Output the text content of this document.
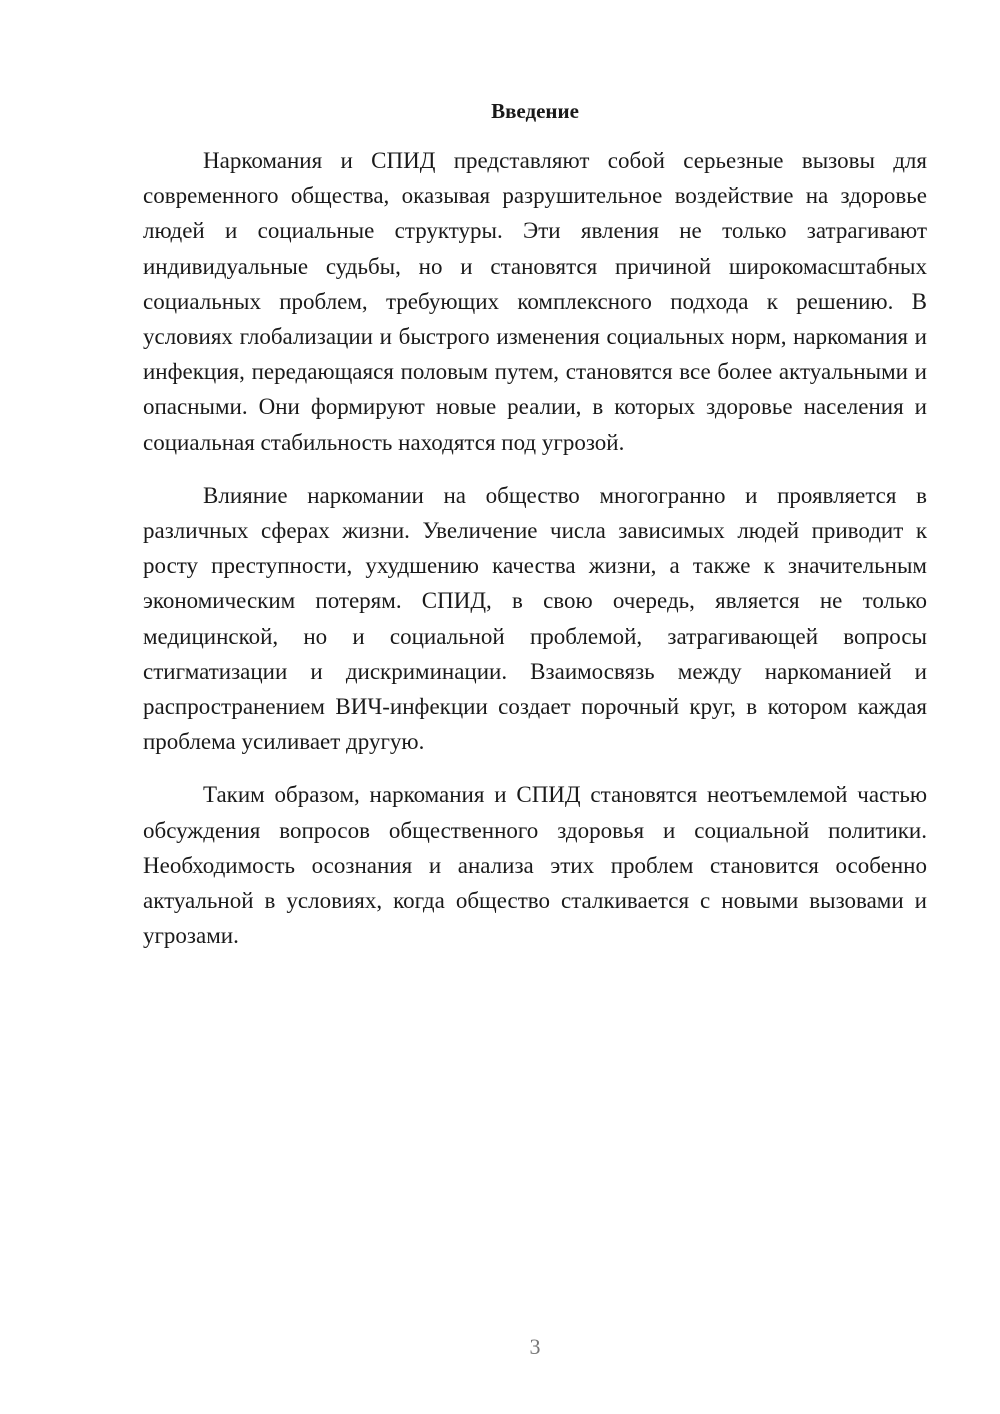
Введение

Наркомания и СПИД представляют собой серьезные вызовы для современного общества, оказывая разрушительное воздействие на здоровье людей и социальные структуры. Эти явления не только затрагивают индивидуальные судьбы, но и становятся причиной широкомасштабных социальных проблем, требующих комплексного подхода к решению. В условиях глобализации и быстрого изменения социальных норм, наркомания и инфекция, передающаяся половым путем, становятся все более актуальными и опасными. Они формируют новые реалии, в которых здоровье населения и социальная стабильность находятся под угрозой.

Влияние наркомании на общество многогранно и проявляется в различных сферах жизни. Увеличение числа зависимых людей приводит к росту преступности, ухудшению качества жизни, а также к значительным экономическим потерям. СПИД, в свою очередь, является не только медицинской, но и социальной проблемой, затрагивающей вопросы стигматизации и дискриминации. Взаимосвязь между наркоманией и распространением ВИЧ-инфекции создает порочный круг, в котором каждая проблема усиливает другую.

Таким образом, наркомания и СПИД становятся неотъемлемой частью обсуждения вопросов общественного здоровья и социальной политики. Необходимость осознания и анализа этих проблем становится особенно актуальной в условиях, когда общество сталкивается с новыми вызовами и угрозами.

3
